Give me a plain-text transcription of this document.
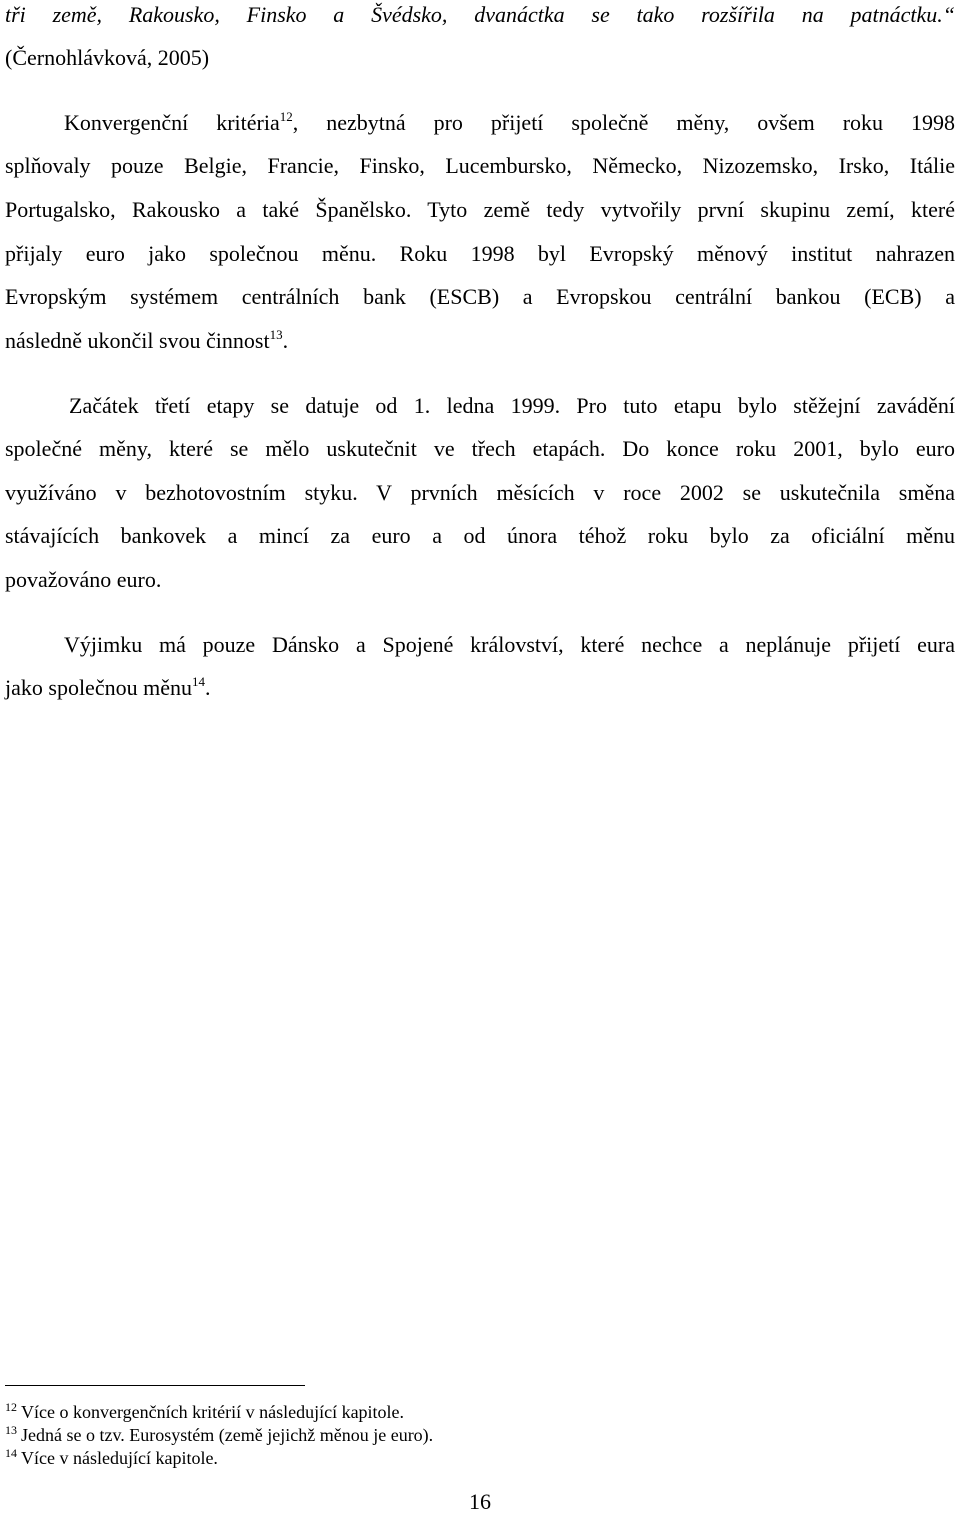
tři země, Rakousko, Finsko a Švédsko, dvanáctka se tako rozšířila na patnáctku.“
(Černohlávková, 2005)
Konvergenční kritéria$^{12}$, nezbytná pro přijetí společně měny, ovšem roku 1998
splňovaly pouze Belgie, Francie, Finsko, Lucembursko, Německo, Nizozemsko, Irsko, Itálie
Portugalsko, Rakousko a také Španělsko. Tyto země tedy vytvořily první skupinu zemí, které
přijaly euro jako společnou měnu. Roku 1998 byl Evropský měnový institut nahrazen
Evropským systémem centrálních bank (ESCB) a Evropskou centrální bankou (ECB) a
následně ukončil svou činnost$^{13}$.
Začátek třetí etapy se datuje od 1. ledna 1999. Pro tuto etapu bylo stěžejní zavádění
společné měny, které se mělo uskutečnit ve třech etapách. Do konce roku 2001, bylo euro
využíváno v bezhotovostním styku. V prvních měsících v roce 2002 se uskutečnila směna
stávajících bankovek a mincí za euro a od února téhož roku bylo za oficiální měnu
považováno euro.
Výjimku má pouze Dánsko a Spojené království, které nechce a neplánuje přijetí eura
jako společnou měnu$^{14}$.
$^{12}$ Více o konvergenčních kritérií v následující kapitole.
$^{13}$ Jedná se o tzv. Eurosystém (země jejichž měnou je euro).
$^{14}$ Více v následující kapitole.
16
